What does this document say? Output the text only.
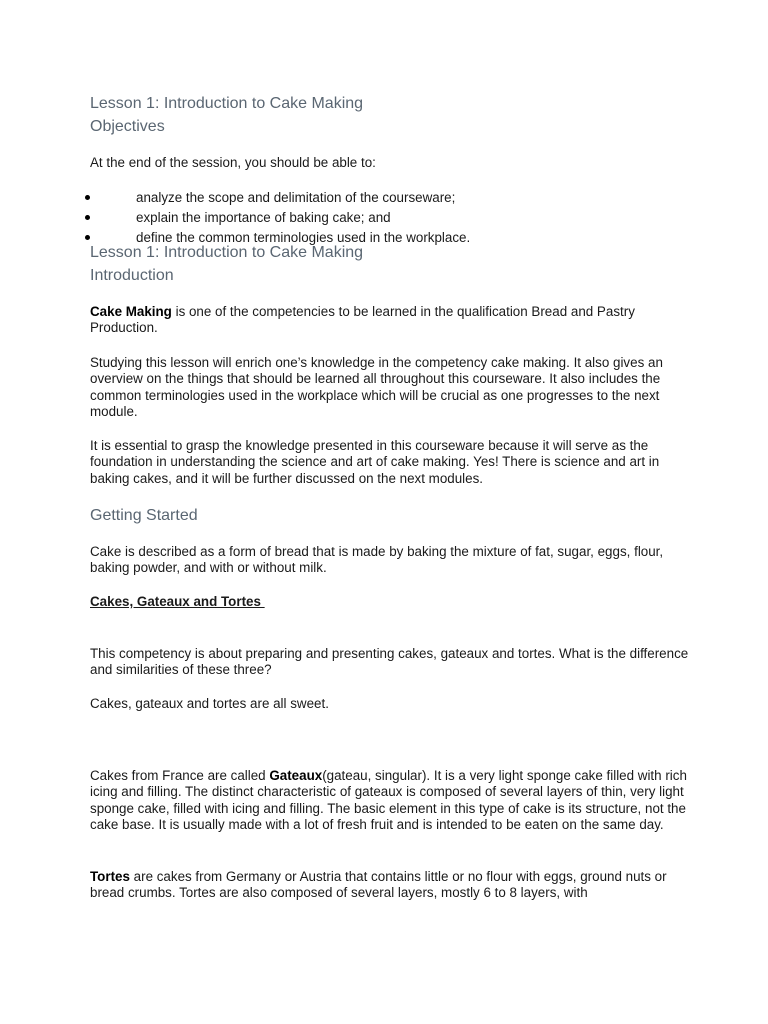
Lesson 1: Introduction to Cake Making
Objectives
At the end of the session, you should be able to:
analyze the scope and delimitation of the courseware;
explain the importance of baking cake; and
define the common terminologies used in the workplace.
Lesson 1: Introduction to Cake Making
Introduction

Cake Making is one of the competencies to be learned in the qualification Bread and Pastry Production.

Studying this lesson will enrich one’s knowledge in the competency cake making. It also gives an overview on the things that should be learned all throughout this courseware. It also includes the common terminologies used in the workplace which will be crucial as one progresses to the next module.

It is essential to grasp the knowledge presented in this courseware because it will serve as the foundation in understanding the science and art of cake making. Yes! There is science and art in baking cakes, and it will be further discussed on the next modules.

Getting Started

Cake is described as a form of bread that is made by baking the mixture of fat, sugar, eggs, flour, baking powder, and with or without milk.

Cakes, Gateaux and Tortes

This competency is about preparing and presenting cakes, gateaux and tortes. What is the difference and similarities of these three?

Cakes, gateaux and tortes are all sweet.

Cakes from France are called Gateaux(gateau, singular). It is a very light sponge cake filled with rich icing and filling. The distinct characteristic of gateaux is composed of several layers of thin, very light sponge cake, filled with icing and filling. The basic element in this type of cake is its structure, not the cake base. It is usually made with a lot of fresh fruit and is intended to be eaten on the same day.

Tortes are cakes from Germany or Austria that contains little or no flour with eggs, ground nuts or bread crumbs. Tortes are also composed of several layers, mostly 6 to 8 layers, with
